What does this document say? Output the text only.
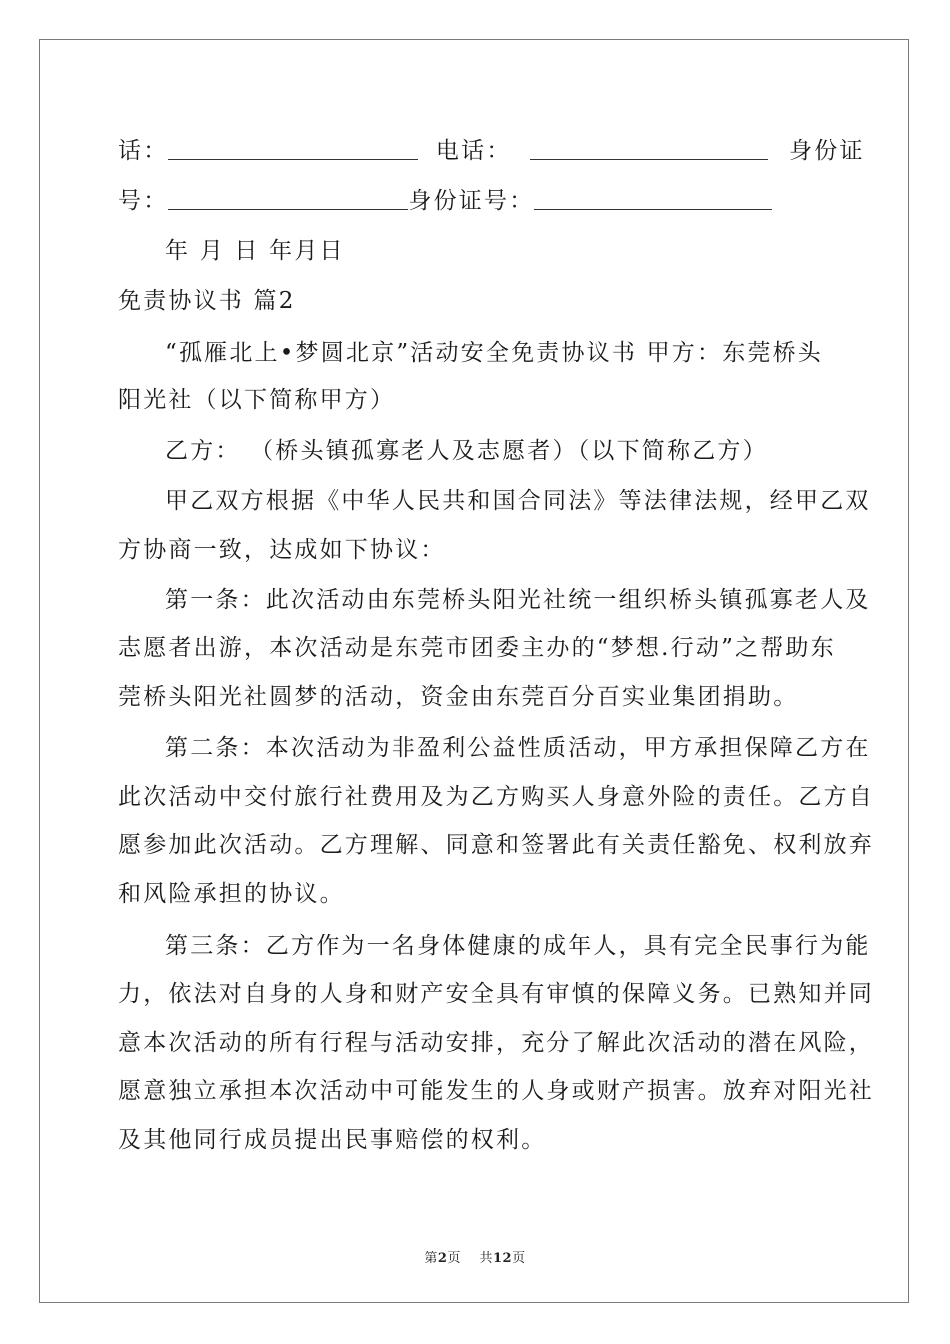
话：	电话：	身份证
号：	身份证号：
年 月 日 年月日
免责协议书 篇2
“孤雁北上•梦圆北京”活动安全免责协议书 甲方：东莞桥头
阳光社（以下简称甲方）
乙方： （桥头镇孤寡老人及志愿者）（以下简称乙方）
甲乙双方根据《中华人民共和国合同法》等法律法规，经甲乙双
方协商一致，达成如下协议：
第一条：此次活动由东莞桥头阳光社统一组织桥头镇孤寡老人及
志愿者出游，本次活动是东莞市团委主办的“梦想.行动”之帮助东
莞桥头阳光社圆梦的活动，资金由东莞百分百实业集团捐助。
第二条：本次活动为非盈利公益性质活动，甲方承担保障乙方在
此次活动中交付旅行社费用及为乙方购买人身意外险的责任。乙方自
愿参加此次活动。乙方理解、同意和签署此有关责任豁免、权利放弃
和风险承担的协议。
第三条：乙方作为一名身体健康的成年人，具有完全民事行为能
力，依法对自身的人身和财产安全具有审慎的保障义务。已熟知并同
意本次活动的所有行程与活动安排，充分了解此次活动的潜在风险，
愿意独立承担本次活动中可能发生的人身或财产损害。放弃对阳光社
及其他同行成员提出民事赔偿的权利。
第2页    共12页
